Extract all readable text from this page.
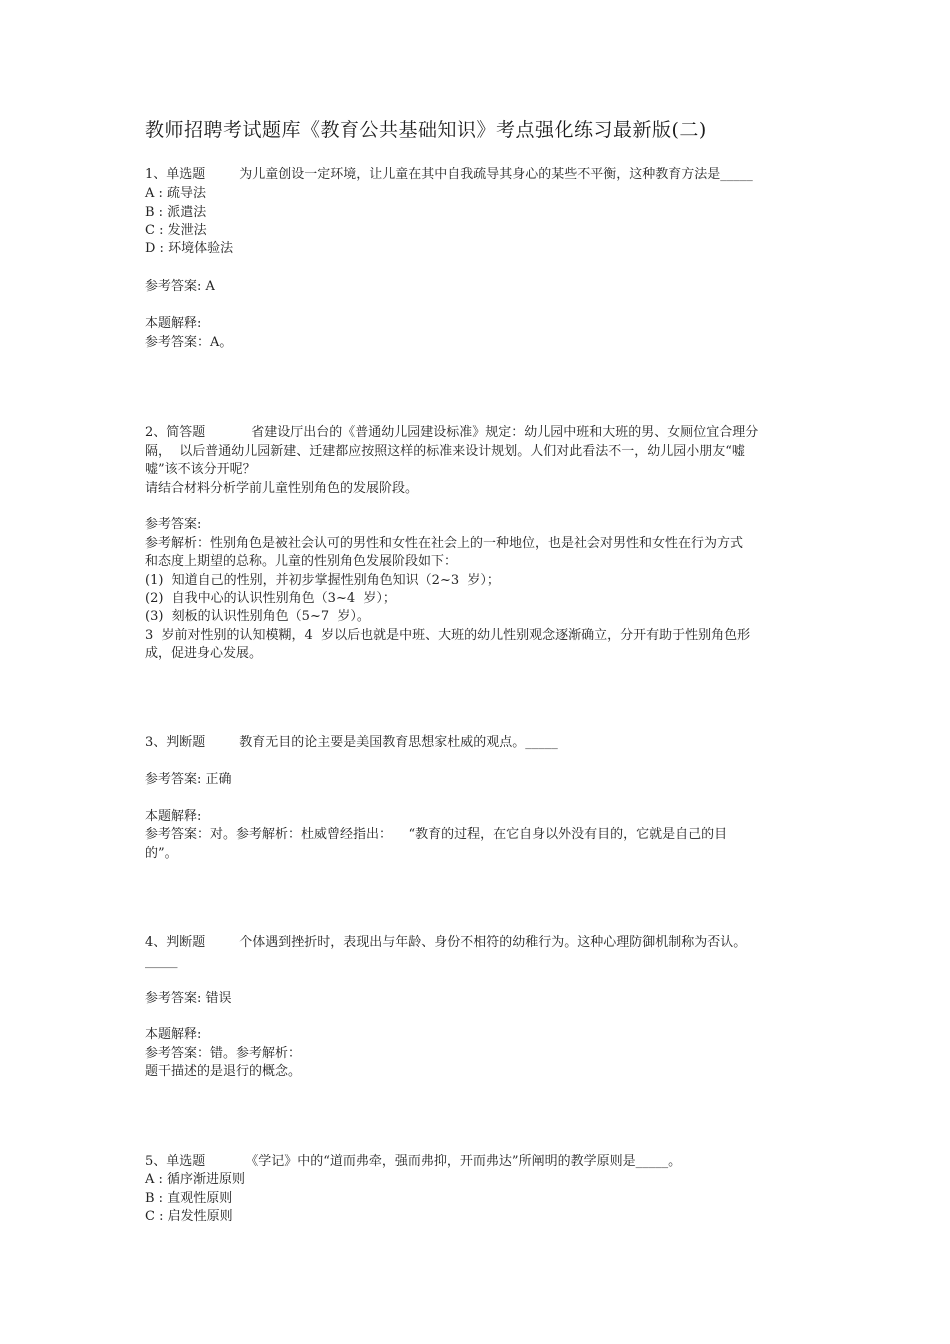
教师招聘考试题库《教育公共基础知识》考点强化练习最新版(二)
1、单选题	为儿童创设一定环境，让儿童在其中自我疏导其身心的某些不平衡，这种教育方法是_____
A : 疏导法
B : 派遣法
C : 发泄法
D : 环境体验法
参考答案: A
本题解释:
参考答案：A。
2、简答题	省建设厅出台的《普通幼儿园建设标准》规定：幼儿园中班和大班的男、女厕位宜合理分
隔，  以后普通幼儿园新建、迁建都应按照这样的标准来设计规划。人们对此看法不一，幼儿园小朋友“嘘
嘘”该不该分开呢？
请结合材料分析学前儿童性别角色的发展阶段。
参考答案:
参考解析：性别角色是被社会认可的男性和女性在社会上的一种地位，也是社会对男性和女性在行为方式
和态度上期望的总称。儿童的性别角色发展阶段如下：
(1)  知道自己的性别，并初步掌握性别角色知识（2~3  岁）；
(2)  自我中心的认识性别角色（3~4  岁）；
(3)  刻板的认识性别角色（5~7  岁）。
3  岁前对性别的认知模糊，4  岁以后也就是中班、大班的幼儿性别观念逐渐确立，分开有助于性别角色形
成，促进身心发展。
3、判断题	教育无目的论主要是美国教育思想家杜威的观点。_____
参考答案: 正确
本题解释:
参考答案：对。参考解析：杜威曾经指出：    “教育的过程，在它自身以外没有目的，它就是自己的目
的”。
4、判断题	个体遇到挫折时，表现出与年龄、身份不相符的幼稚行为。这种心理防御机制称为否认。
_____
参考答案: 错误
本题解释:
参考答案：错。参考解析：
题干描述的是退行的概念。
5、单选题	《学记》中的“道而弗牵，强而弗抑，开而弗达”所阐明的教学原则是_____。
A : 循序渐进原则
B : 直观性原则
C : 启发性原则
